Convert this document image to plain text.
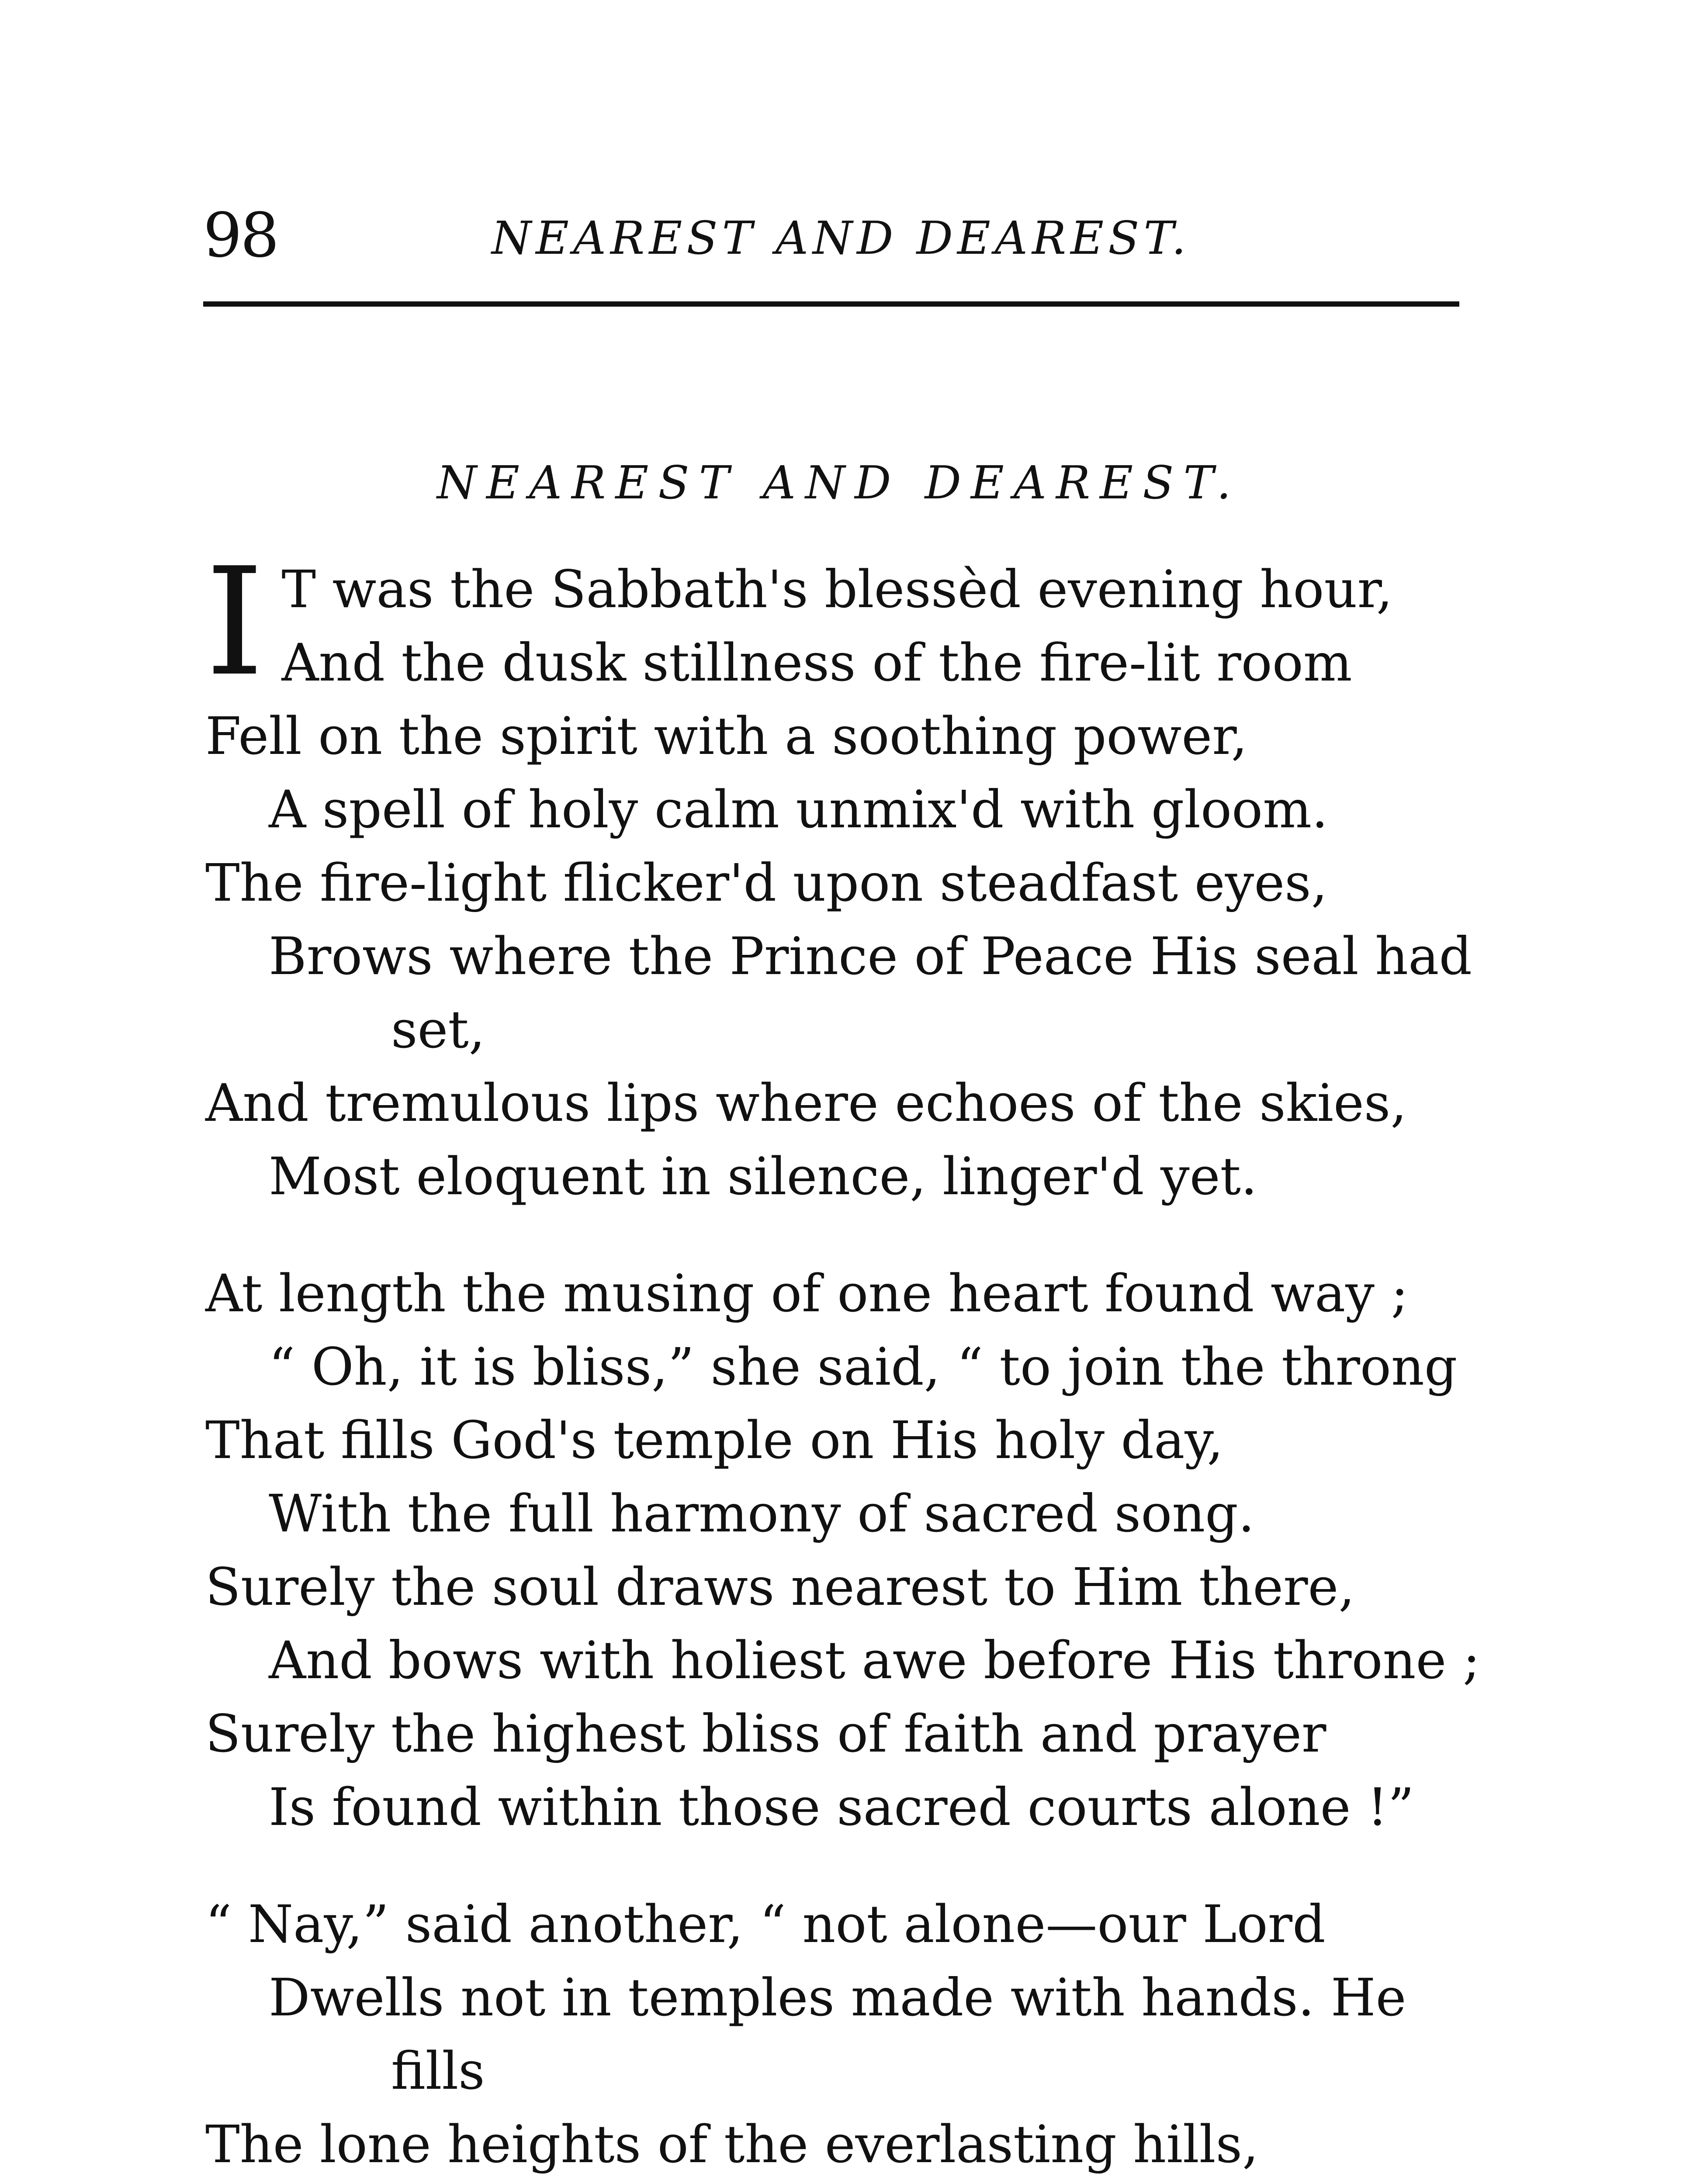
98	NEAREST AND DEAREST.
NEAREST AND DEAREST.
I T was the Sabbath's blessèd evening hour,

And the dusk stillness of the fire-lit room

Fell on the spirit with a soothing power,

A spell of holy calm unmix'd with gloom.

The fire-light flicker'd upon steadfast eyes,

Brows where the Prince of Peace His seal had

set,

And tremulous lips where echoes of the skies,

Most eloquent in silence, linger'd yet.

At length the musing of one heart found way ;

“ Oh, it is bliss,” she said, “ to join the throng

That fills God's temple on His holy day,

With the full harmony of sacred song.

Surely the soul draws nearest to Him there,

And bows with holiest awe before His throne ;

Surely the highest bliss of faith and prayer

Is found within those sacred courts alone !”

“ Nay,” said another, “ not alone—our Lord

Dwells not in temples made with hands. He

fills

The lone heights of the everlasting hills,
